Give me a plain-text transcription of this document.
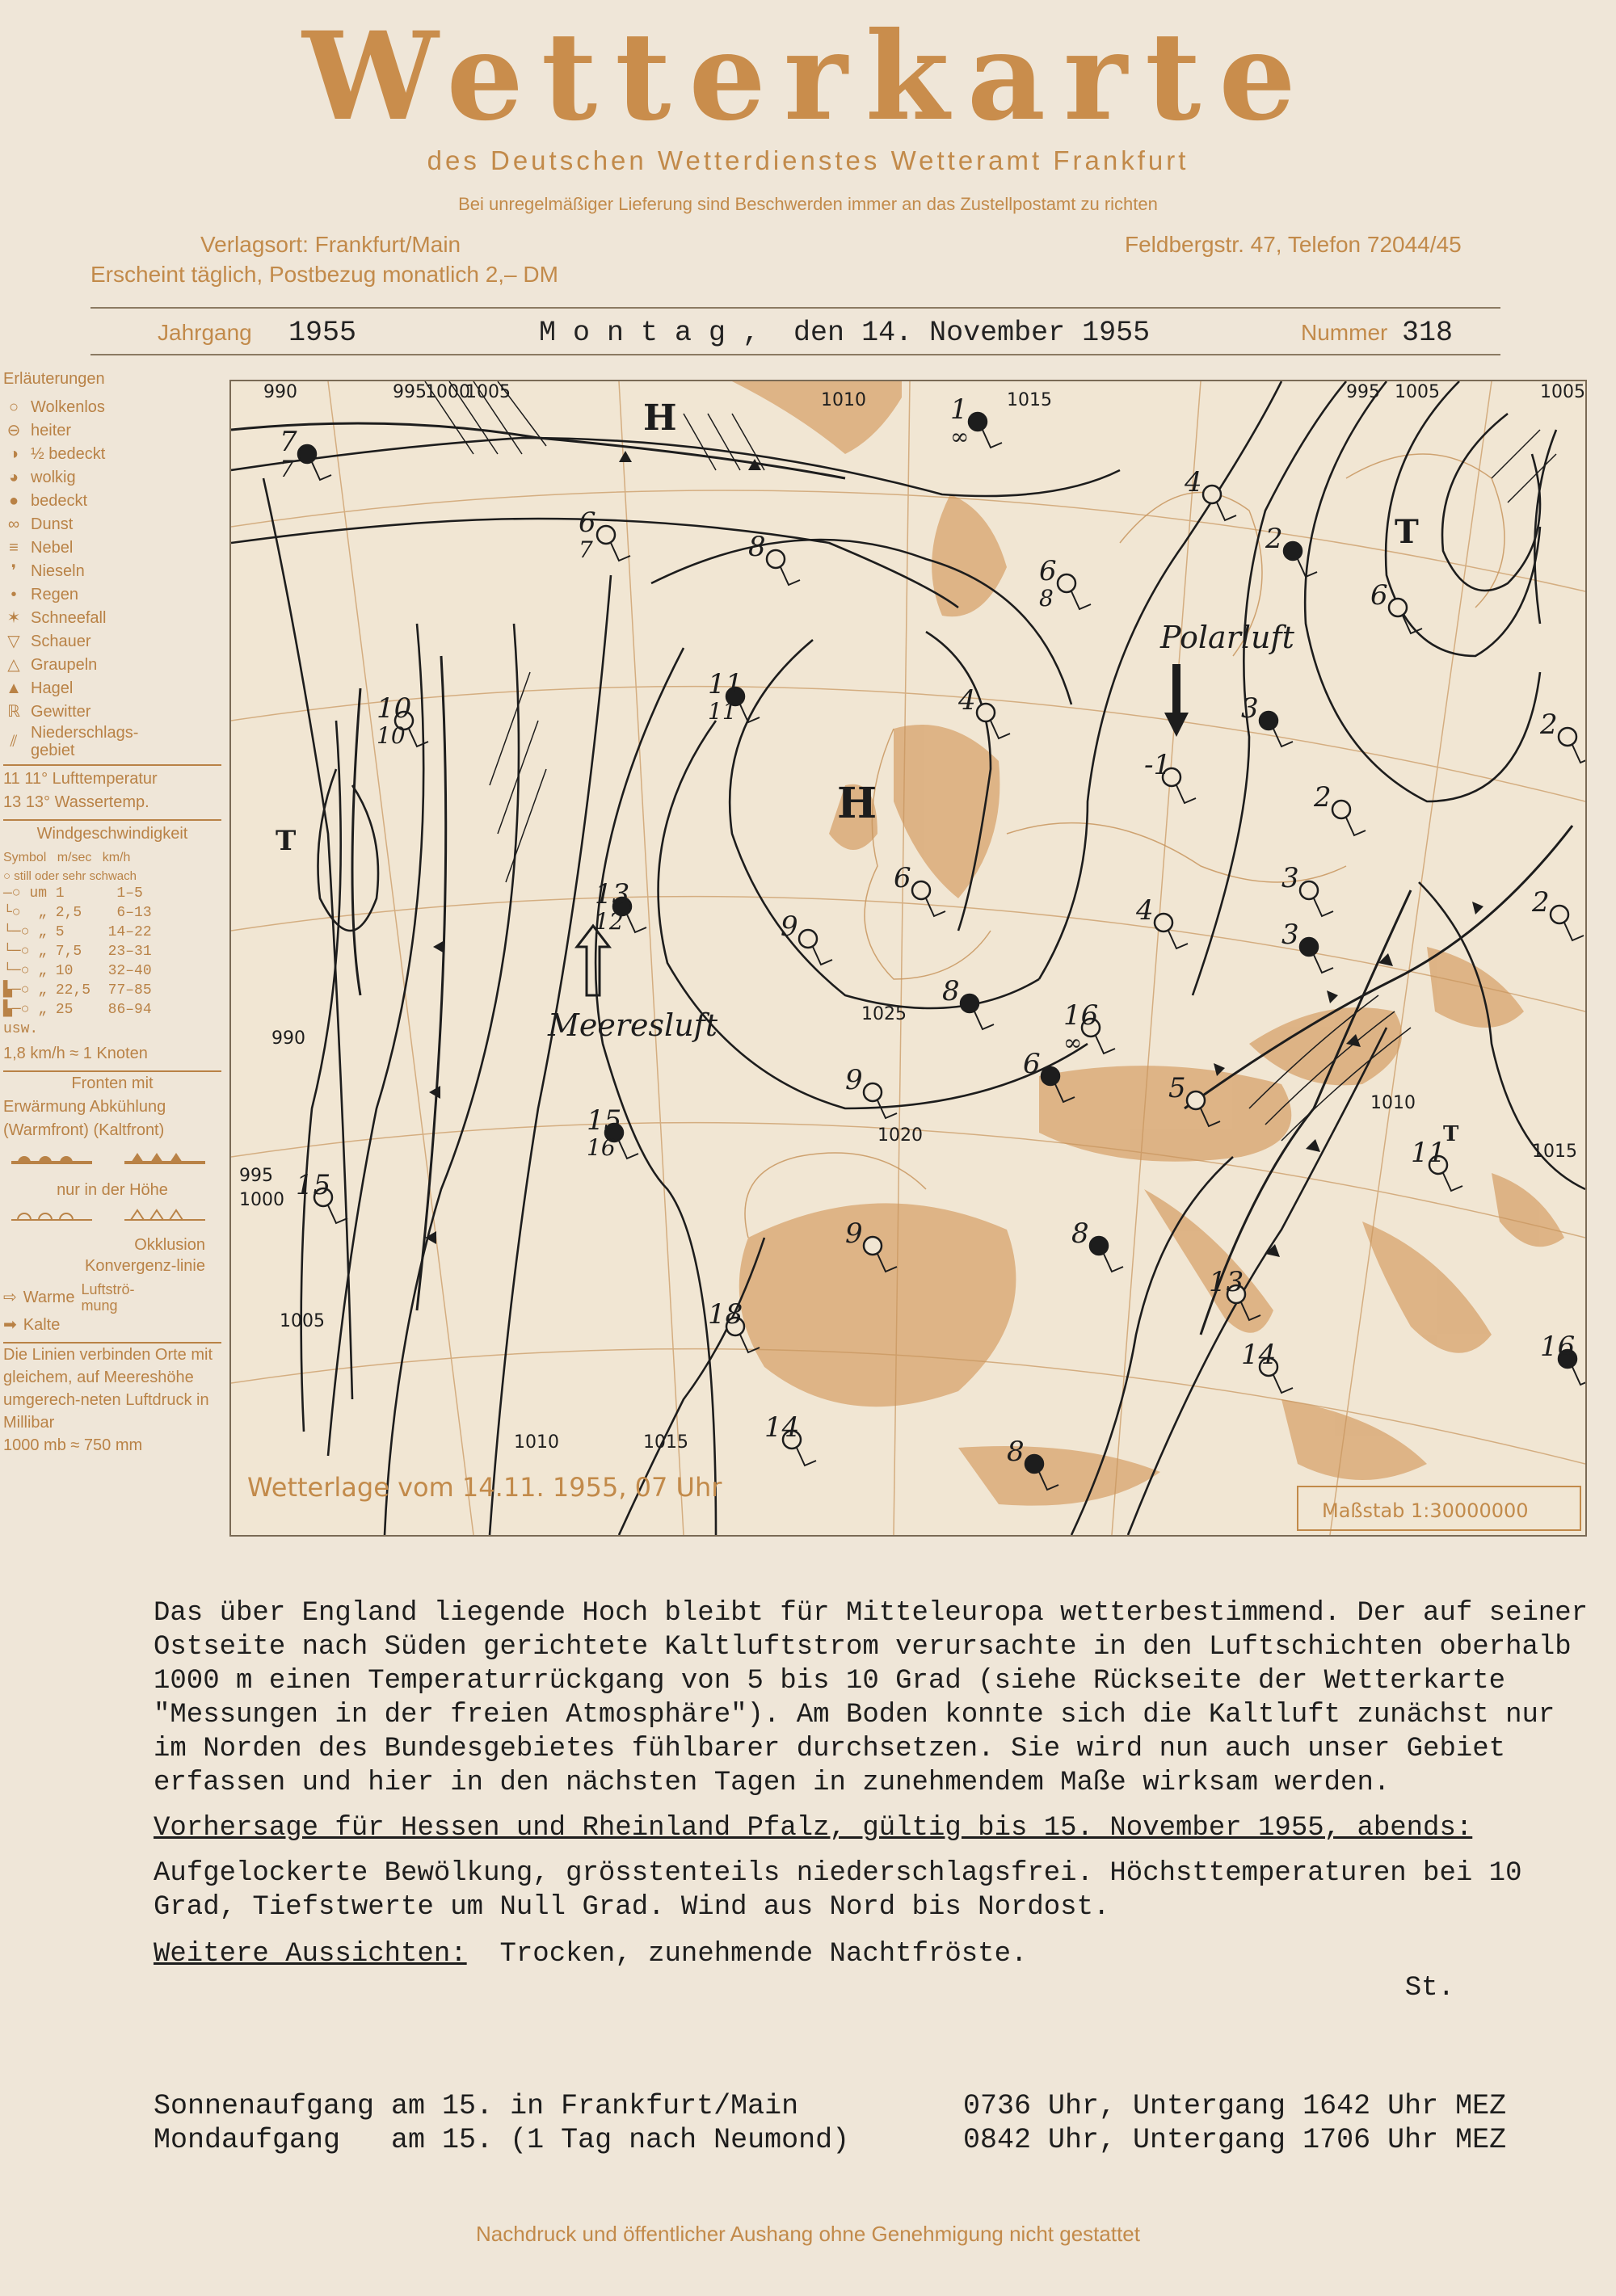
Wetterkarte
des Deutschen Wetterdienstes Wetteramt Frankfurt
Bei unregelmäßiger Lieferung sind Beschwerden immer an das Zustellpostamt zu richten
Verlagsort: Frankfurt/Main
Erscheint täglich, Postbezug monatlich 2,– DM
Feldbergstr. 47, Telefon 72044/45
Jahrgang 1955	M o n t a g ,  den 14. November 1955	Nummer 318
Erläuterungen
○ Wolkenlos
⊖ heiter
◑ ½ bedeckt
◕ wolkig
● bedeckt
∞ Dunst
≡ Nebel
❜ Nieseln
• Regen
✶ Schneefall
▽ Schauer
△ Graupeln
▲ Hagel
ℝ Gewitter
⫽ Niederschlags-gebiet
11 11° Lufttemperatur
13 13° Wassertemp.
Windgeschwindigkeit
Symbol   m/sec   km/h
○ still oder sehr schwach
—○ um 1      1–5
└○  „ 2,5    6–13
└─○ „ 5     14–22
└─○ „ 7,5   23–31
└─○ „ 10    32–40
▙─○ „ 22,5  77–85
▙─○ „ 25    86–94
usw.
1,8 km/h ≈ 1 Knoten
Fronten mit
Erwärmung Abkühlung
(Warmfront) (Kaltfront)
nur in der Höhe
Okklusion
Konvergenz-linie
⇨ Warme Luftströ-mung
➡ Kalte
Die Linien verbinden Orte mit gleichem, auf Meereshöhe umgerech-neten Luftdruck in Millibar
1000 mb ≈ 750 mm
7
7
6
7	8
1
∞
6
8
4
2
6
10
10
11
11	4
-1
3
2
2
13
12
6
9
8
3
4
3
2
16
∞
6
9	5
15
16
15
9	8
13
18
16
14
14
8
11
990	995
1000
1005	1010	1015
1020
1025
1005
995
1000
990
1010	1015
995 1005	1005
1010
1015
Polarluft
Meeresluft
H
H
T
T
T
Wetterlage vom 14.11. 1955, 07 Uhr
Maßstab 1:30000000

Das über England liegende Hoch bleibt für Mitteleuropa wetterbestimmend. Der auf seiner Ostseite nach Süden gerichtete Kaltluftstrom verursachte in den Luftschichten oberhalb 1000 m einen Temperaturrückgang von 5 bis 10 Grad (siehe Rückseite der Wetterkarte "Messungen in der freien Atmosphäre"). Am Boden konnte sich die Kaltluft zunächst nur im Norden des Bundesgebietes fühlbarer durchsetzen. Sie wird nun auch unser Gebiet erfassen und hier in den nächsten Tagen in zunehmendem Maße wirksam werden.

Vorhersage für Hessen und Rheinland Pfalz, gültig bis 15. November 1955, abends:

Aufgelockerte Bewölkung, grösstenteils niederschlagsfrei. Höchsttemperaturen bei 10 Grad, Tiefstwerte um Null Grad. Wind aus Nord bis Nordost.

Weitere Aussichten: Trocken, zunehmende Nachtfröste.

St.

Sonnenaufgang am 15. in Frankfurt/Main	0736 Uhr, Untergang 1642 Uhr MEZ
Mondaufgang   am 15. (1 Tag nach Neumond)	0842 Uhr, Untergang 1706 Uhr MEZ
Nachdruck und öffentlicher Aushang ohne Genehmigung nicht gestattet
